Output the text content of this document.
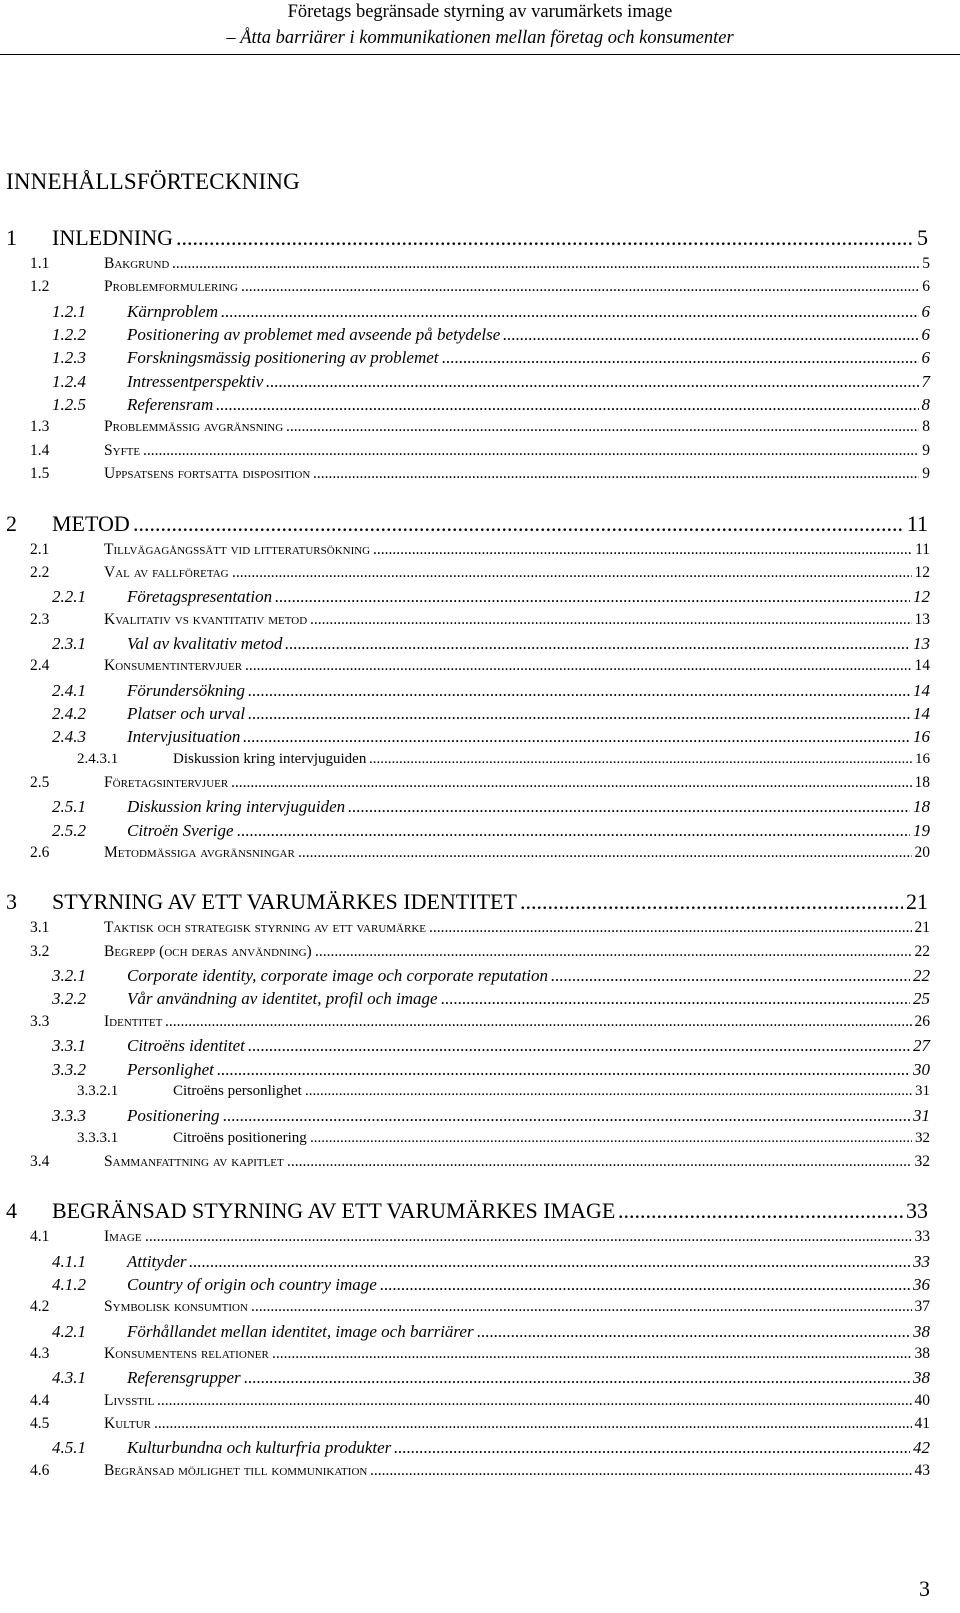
Företags begränsade styrning av varumärkets image
– Åtta barriärer i kommunikationen mellan företag och konsumenter
INNEHÅLLSFÖRTECKNING
.....
1 INLEDNING	5
.....
1.1	Bakgrund	5
.....
1.2	Problemformulering	6
.....
1.2.1 Kärnproblem	6
.....
1.2.2 Positionering av problemet med avseende på betydelse	6
.....
1.2.3 Forskningsmässig positionering av problemet	6
.....
1.2.4 Intressentperspektiv	7
.....
1.2.5 Referensram	8
.....
1.3	Problemmässig avgränsning	8
.....
1.4	Syfte	9
.....
1.5	Uppsatsens fortsatta disposition	9
.....
2 METOD	11
.....
2.1	Tillvägagångssätt vid litteratursökning	11
.....
2.2	Val av fallföretag	12
.....
2.2.1 Företagspresentation	12
.....
2.3	Kvalitativ vs kvantitativ metod	13
.....
2.3.1 Val av kvalitativ metod	13
.....
2.4	Konsumentintervjuer	14
.....
2.4.1 Förundersökning	14
.....
2.4.2 Platser och urval	14
.....
2.4.3 Intervjusituation	16
.....
2.4.3.1	Diskussion kring intervjuguiden	16
.....
2.5	Företagsintervjuer	18
.....
2.5.1 Diskussion kring intervjuguiden	18
.....
2.5.2 Citroën Sverige	19
.....
2.6	Metodmässiga avgränsningar	20
.....
3 STYRNING AV ETT VARUMÄRKES IDENTITET	21
.....
3.1	Taktisk och strategisk styrning av ett varumärke	21
.....
3.2	Begrepp (och deras användning)	22
.....
3.2.1 Corporate identity, corporate image och corporate reputation	22
.....
3.2.2 Vår användning av identitet, profil och image	25
.....
3.3	Identitet	26
.....
3.3.1 Citroëns identitet	27
.....
3.3.2 Personlighet	30
.....
3.3.2.1	Citroëns personlighet	31
.....
3.3.3 Positionering	31
.....
3.3.3.1	Citroëns positionering	32
.....
3.4	Sammanfattning av kapitlet	32
.....
4 BEGRÄNSAD STYRNING AV ETT VARUMÄRKES IMAGE	33
.....
4.1	Image	33
.....
4.1.1 Attityder	33
.....
4.1.2 Country of origin och country image	36
.....
4.2	Symbolisk konsumtion	37
.....
4.2.1 Förhållandet mellan identitet, image och barriärer	38
.....
4.3	Konsumentens relationer	38
.....
4.3.1 Referensgrupper	38
.....
4.4	Livsstil	40
.....
4.5	Kultur	41
.....
4.5.1 Kulturbundna och kulturfria produkter	42
.....
4.6	Begränsad möjlighet till kommunikation	43
3
